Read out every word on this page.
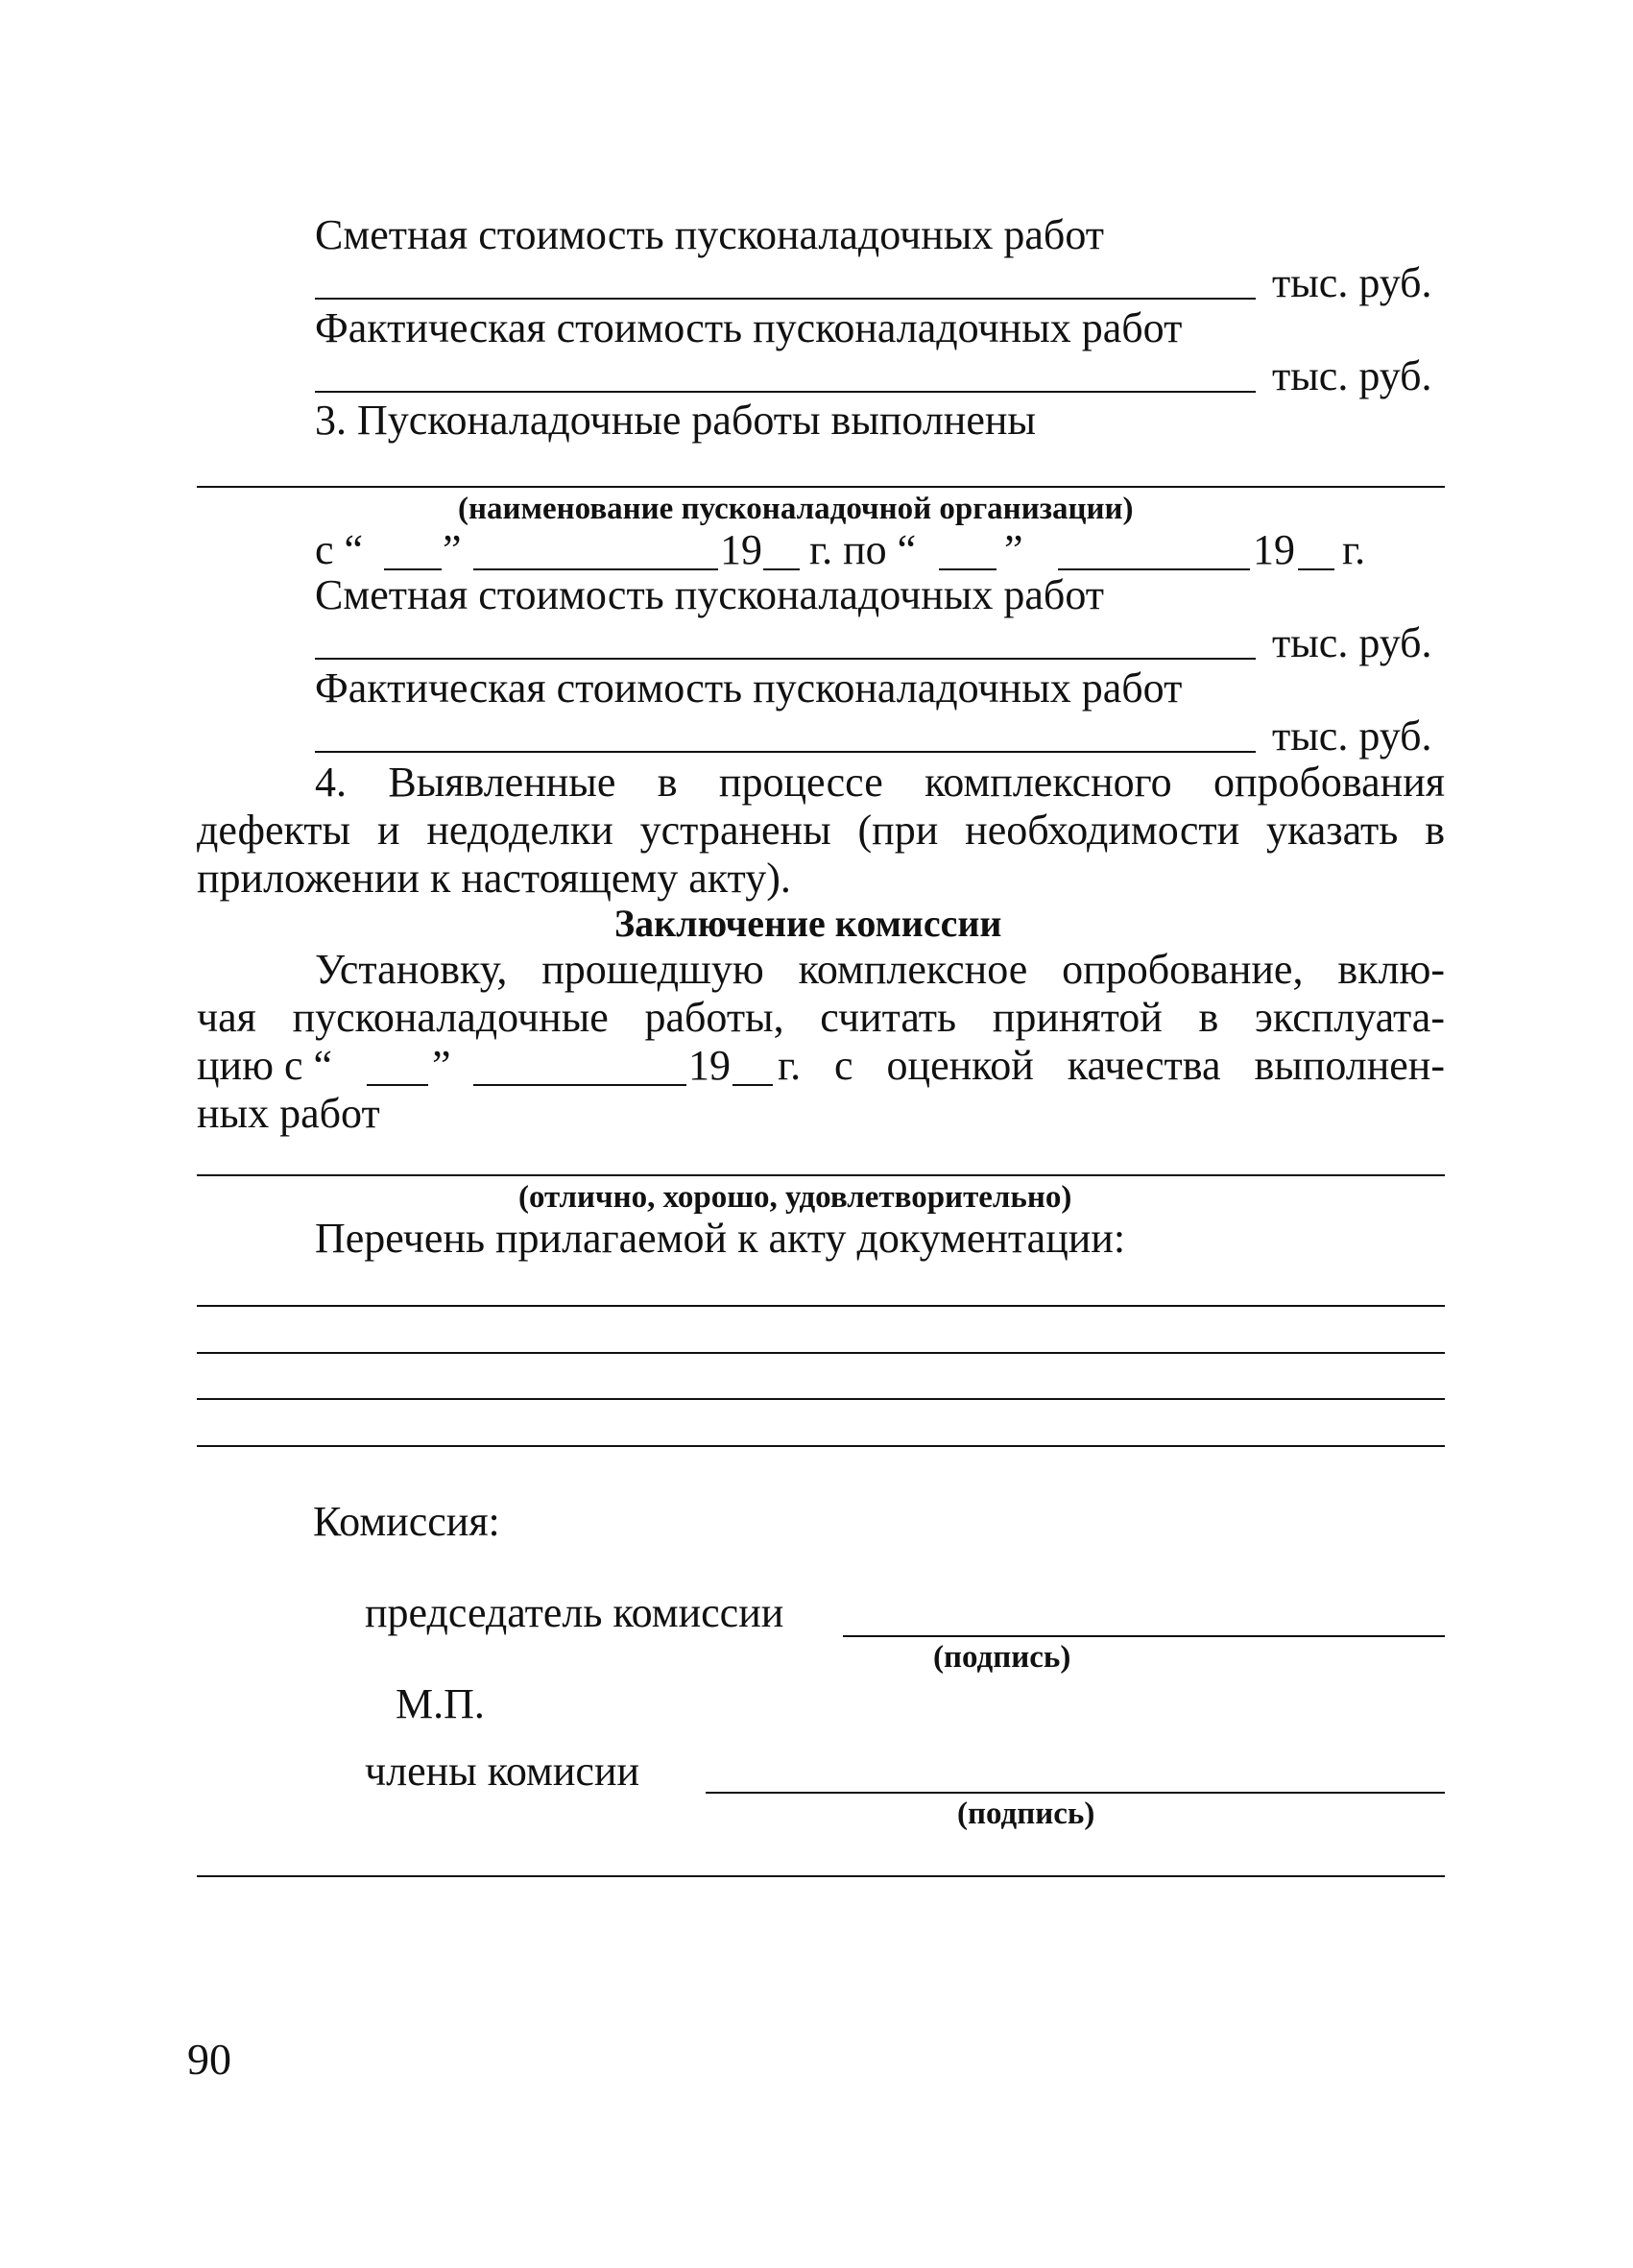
Сметная стоимость пусконаладочных работ
тыс. руб.
Фактическая стоимость пусконаладочных работ
тыс. руб.
3. Пусконаладочные работы выполнены
(наименование пусконаладочной организации)
с “ ”	19 г. по “ ”	19 г.
Сметная стоимость пусконаладочных работ
тыс. руб.
Фактическая стоимость пусконаладочных работ
тыс. руб.
4. Выявленные в процессе комплексного опробования
дефекты и недоделки устранены (при необходимости указать в
приложении к настоящему акту).
Заключение комиссии
Установку, прошедшую комплексное опробование, вклю-
чая пусконаладочные работы, считать принятой в эксплуата-
цию с “ ”	19 г. с оценкой качества выполнен-
ных работ
(отлично, хорошо, удовлетворительно)
Перечень прилагаемой к акту документации:
Комиссия:
председатель комиссии
(подпись)
М.П.
члены комисии
(подпись)
90
